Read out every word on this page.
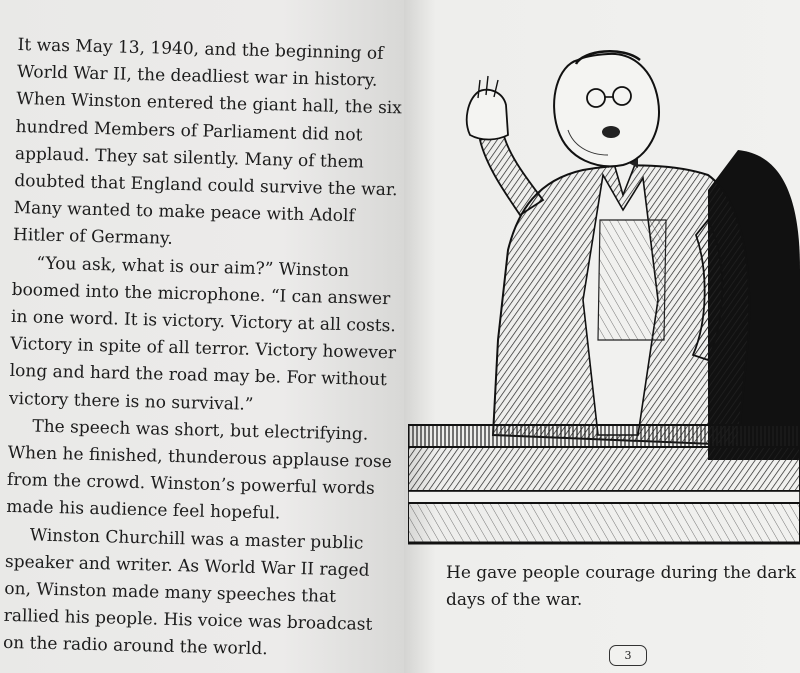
It was May 13, 1940, and the beginning of World War II, the deadliest war in history. When Winston entered the giant hall, the six hundred Members of Parliament did not applaud. They sat silently. Many of them doubted that England could survive the war. Many wanted to make peace with Adolf Hitler of Germany.

“You ask, what is our aim?” Winston boomed into the microphone. “I can answer in one word. It is victory. Victory at all costs. Victory in spite of all terror. Victory however long and hard the road may be. For without victory there is no survival.”

The speech was short, but electrifying. When he finished, thunderous applause rose from the crowd. Winston’s powerful words made his audience feel hopeful.

Winston Churchill was a master public speaker and writer. As World War II raged on, Winston made many speeches that rallied his people. His voice was broadcast on the radio around the world.

He gave people courage during the dark days of the war.
3
